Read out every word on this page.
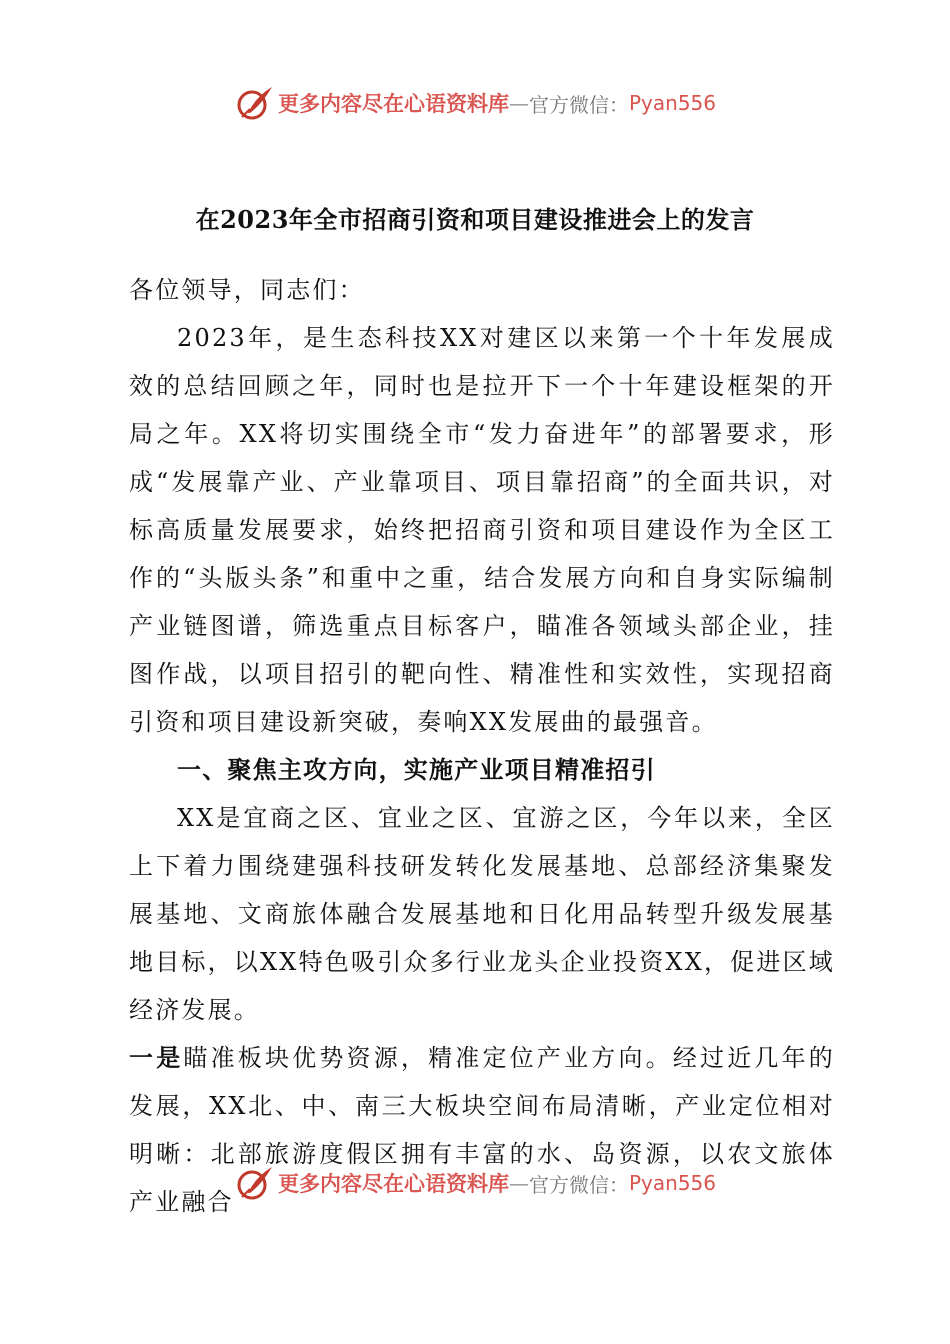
更多内容尽在心语资料库 — 官方微信： Pyan556
在2023年全市招商引资和项目建设推进会上的发言

各位领导，同志们：

2023年，是生态科技XX对建区以来第一个十年发展成效的总结回顾之年，同时也是拉开下一个十年建设框架的开局之年。XX将切实围绕全市“发力奋进年”的部署要求，形成“发展靠产业、产业靠项目、项目靠招商”的全面共识，对标高质量发展要求，始终把招商引资和项目建设作为全区工作的“头版头条”和重中之重，结合发展方向和自身实际编制产业链图谱，筛选重点目标客户，瞄准各领域头部企业，挂图作战，以项目招引的靶向性、精准性和实效性，实现招商引资和项目建设新突破，奏响XX发展曲的最强音。

一、聚焦主攻方向，实施产业项目精准招引

XX是宜商之区、宜业之区、宜游之区，今年以来，全区上下着力围绕建强科技研发转化发展基地、总部经济集聚发展基地、文商旅体融合发展基地和日化用品转型升级发展基地目标，以XX特色吸引众多行业龙头企业投资XX，促进区域经济发展。

一是瞄准板块优势资源，精准定位产业方向。经过近几年的发展，XX北、中、南三大板块空间布局清晰，产业定位相对明晰：北部旅游度假区拥有丰富的水、岛资源，以农文旅体产业融合

更多内容尽在心语资料库 — 官方微信： Pyan556
